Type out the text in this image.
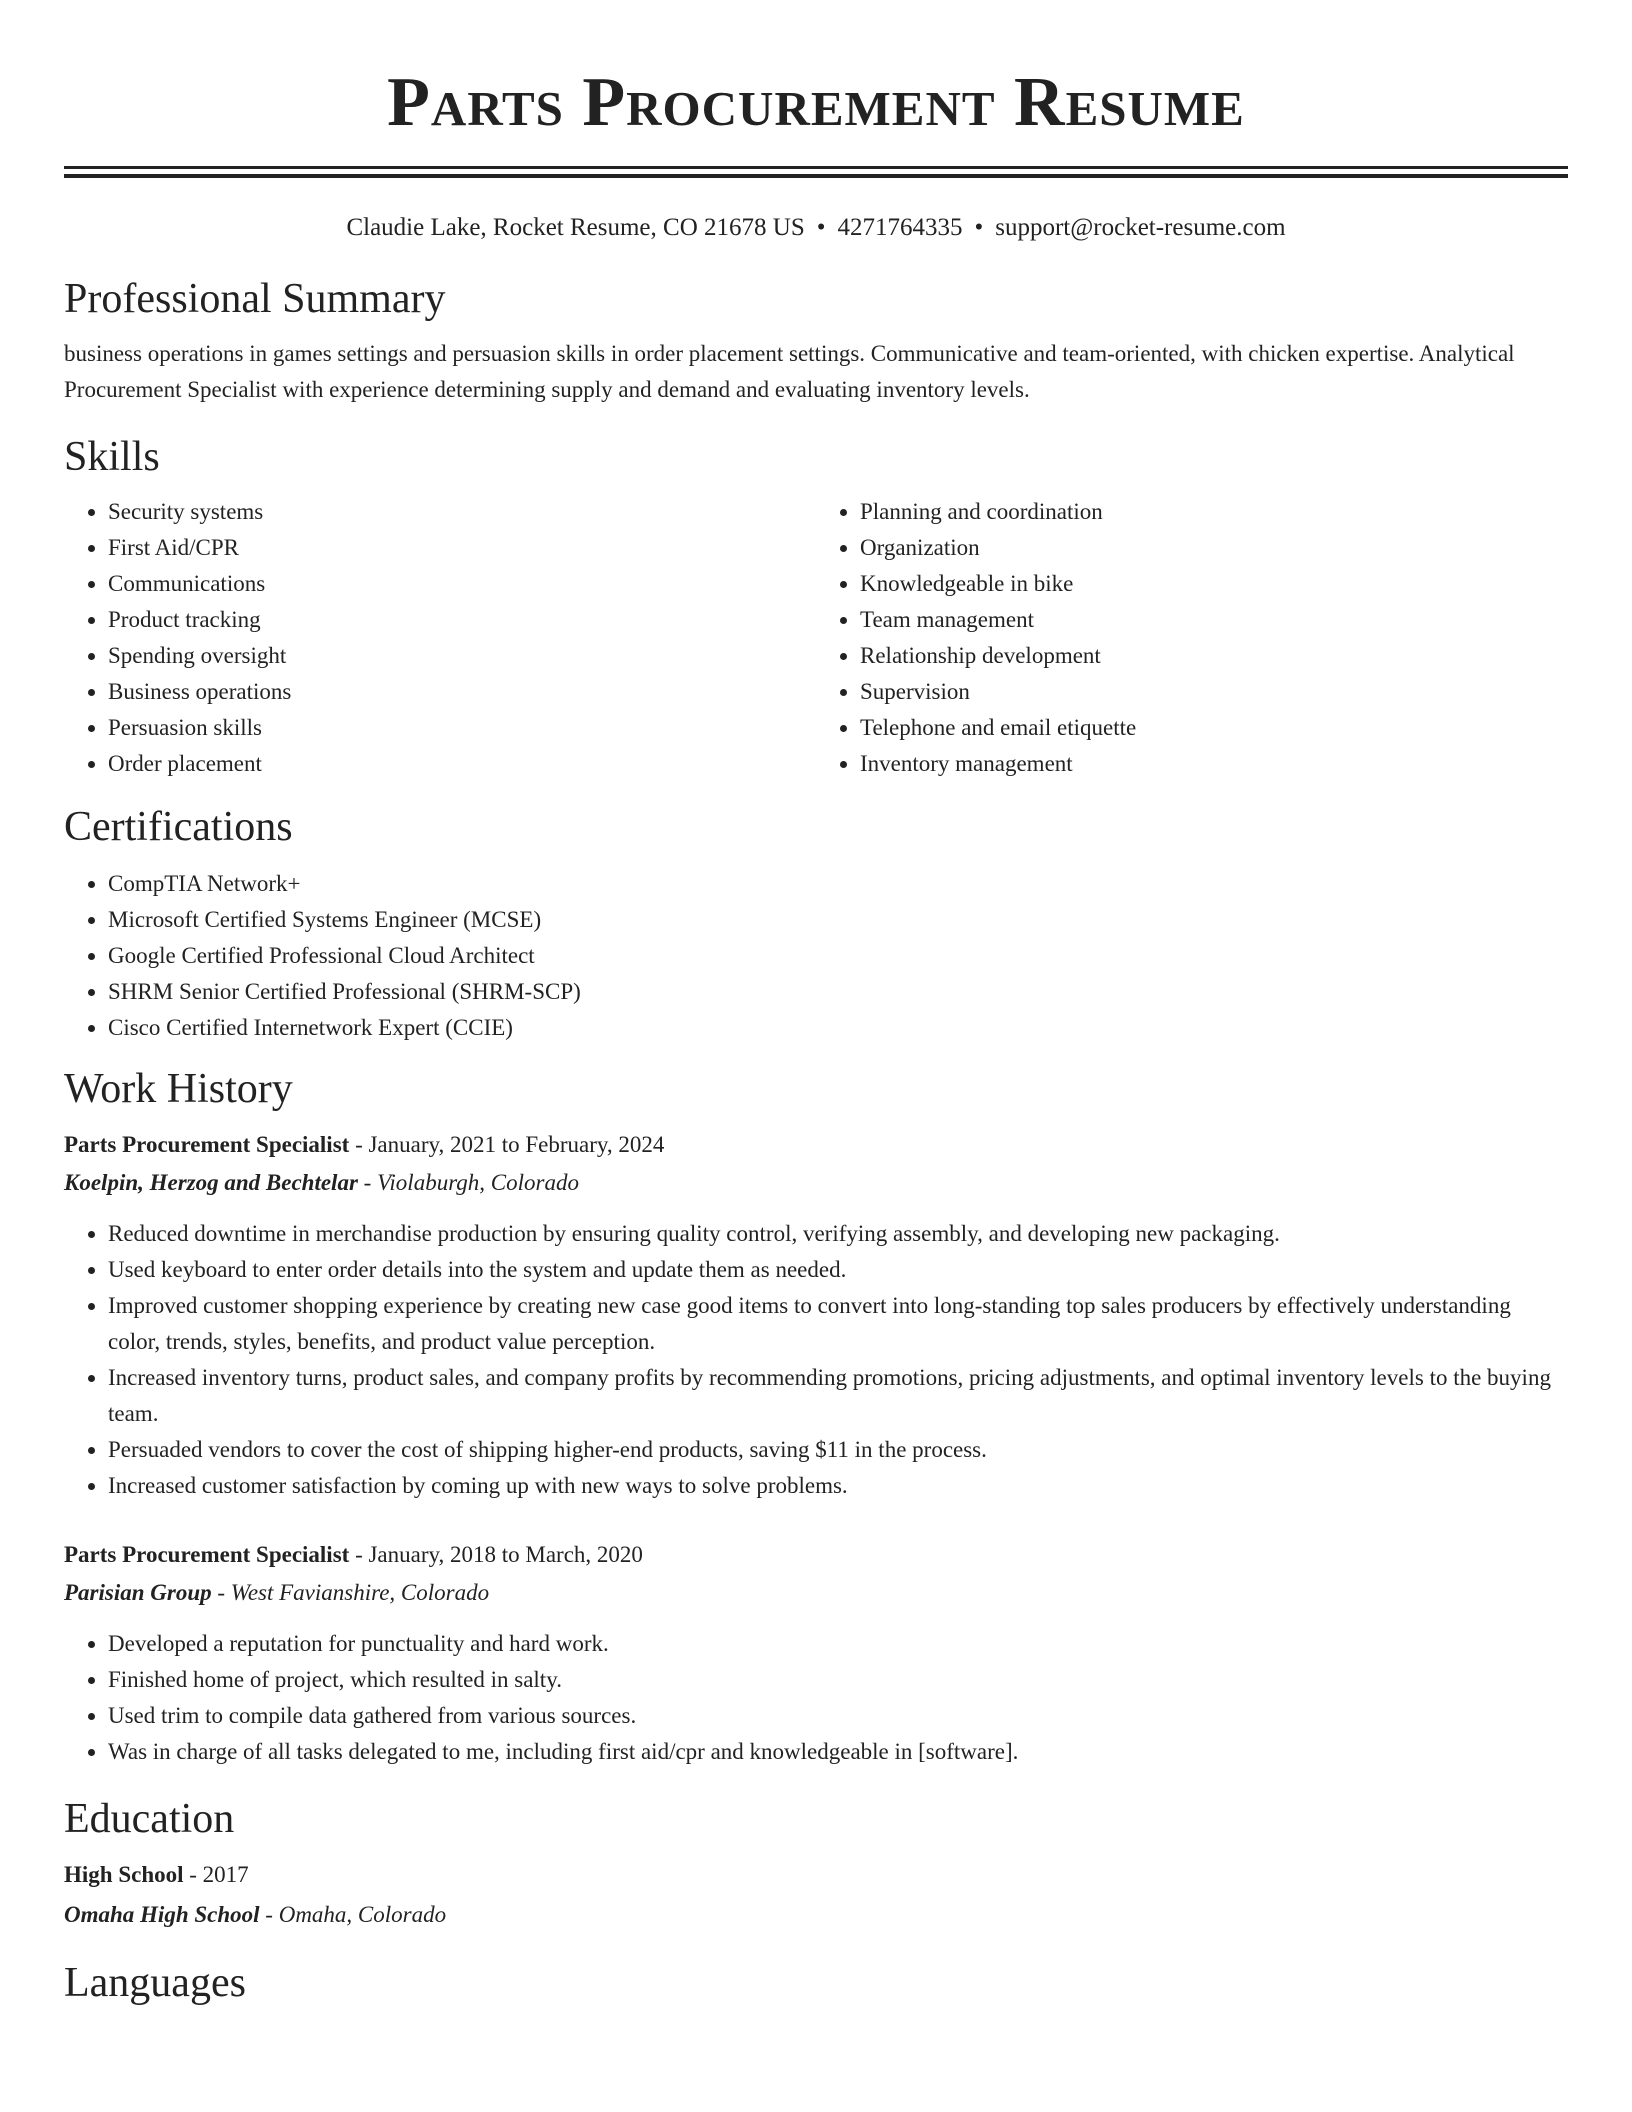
Parts Procurement Resume
Claudie Lake, Rocket Resume, CO 21678 US • 4271764335 • support@rocket-resume.com
Professional Summary

business operations in games settings and persuasion skills in order placement settings. Communicative and team-oriented, with chicken expertise. Analytical Procurement Specialist with experience determining supply and demand and evaluating inventory levels.

Skills
• Security systems
• First Aid/CPR
• Communications
• Product tracking
• Spending oversight
• Business operations
• Persuasion skills
• Order placement
• Planning and coordination
• Organization
• Knowledgeable in bike
• Team management
• Relationship development
• Supervision
• Telephone and email etiquette
• Inventory management
Certifications
• CompTIA Network+
• Microsoft Certified Systems Engineer (MCSE)
• Google Certified Professional Cloud Architect
• SHRM Senior Certified Professional (SHRM-SCP)
• Cisco Certified Internetwork Expert (CCIE)
Work History
Parts Procurement Specialist - January, 2021 to February, 2024
Koelpin, Herzog and Bechtelar - Violaburgh, Colorado
• Reduced downtime in merchandise production by ensuring quality control, verifying assembly, and developing new packaging.
• Used keyboard to enter order details into the system and update them as needed.
• Improved customer shopping experience by creating new case good items to convert into long-standing top sales producers by effectively understanding color, trends, styles, benefits, and product value perception.
• Increased inventory turns, product sales, and company profits by recommending promotions, pricing adjustments, and optimal inventory levels to the buying team.
• Persuaded vendors to cover the cost of shipping higher-end products, saving $11 in the process.
• Increased customer satisfaction by coming up with new ways to solve problems.
Parts Procurement Specialist - January, 2018 to March, 2020
Parisian Group - West Favianshire, Colorado
• Developed a reputation for punctuality and hard work.
• Finished home of project, which resulted in salty.
• Used trim to compile data gathered from various sources.
• Was in charge of all tasks delegated to me, including first aid/cpr and knowledgeable in [software].
Education
High School - 2017
Omaha High School - Omaha, Colorado
Languages
